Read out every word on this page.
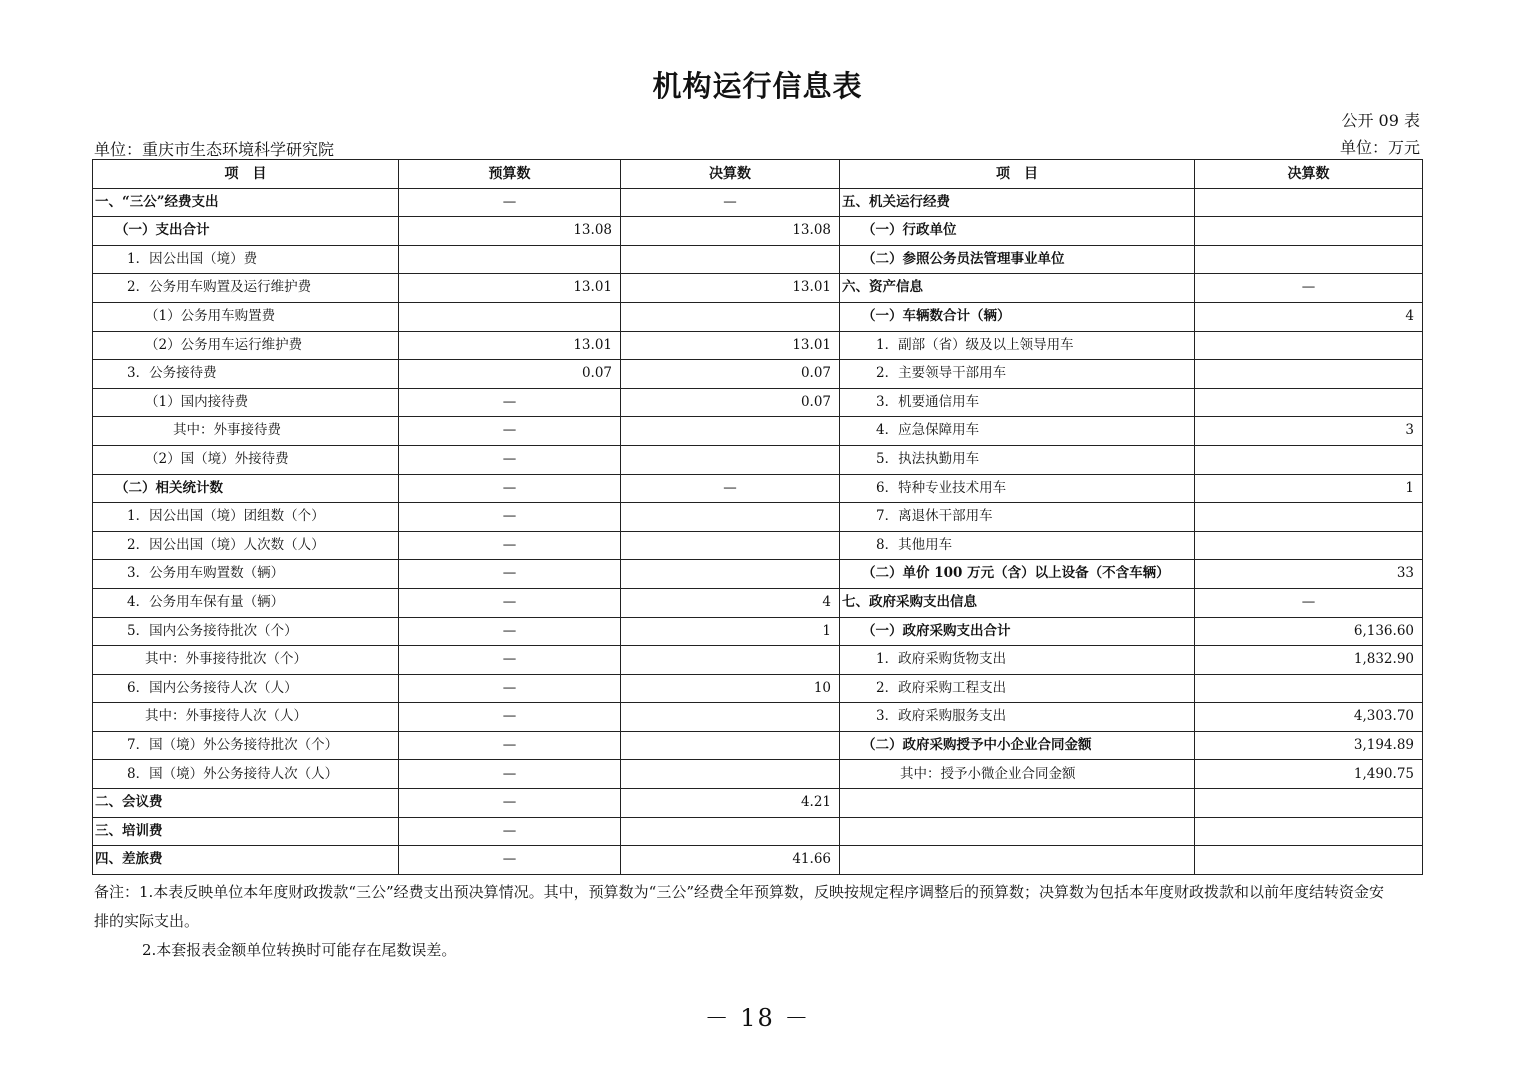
机构运行信息表
公开 09 表
单位：重庆市生态环境科学研究院	单位：万元
项　目	预算数	决算数	项　目	决算数
一、“三公”经费支出	—	—	五、机关运行经费	
（一）支出合计	13.08	13.08	（一）行政单位	
1．因公出国（境）费			（二）参照公务员法管理事业单位	
2．公务用车购置及运行维护费	13.01	13.01	六、资产信息	—
（1）公务用车购置费			（一）车辆数合计（辆）	4
（2）公务用车运行维护费	13.01	13.01	1．副部（省）级及以上领导用车	
3．公务接待费	0.07	0.07	2．主要领导干部用车	
（1）国内接待费	—	0.07	3．机要通信用车	
其中：外事接待费	—		4．应急保障用车	3
（2）国（境）外接待费	—		5．执法执勤用车	
（二）相关统计数	—	—	6．特种专业技术用车	1
1．因公出国（境）团组数（个）	—		7．离退休干部用车	
2．因公出国（境）人次数（人）	—		8．其他用车	
3．公务用车购置数（辆）	—		（二）单价 100 万元（含）以上设备（不含车辆）	33
4．公务用车保有量（辆）	—	4	七、政府采购支出信息	—
5．国内公务接待批次（个）	—	1	（一）政府采购支出合计	6,136.60
其中：外事接待批次（个）	—		1．政府采购货物支出	1,832.90
6．国内公务接待人次（人）	—	10	2．政府采购工程支出	
其中：外事接待人次（人）	—		3．政府采购服务支出	4,303.70
7．国（境）外公务接待批次（个）	—		（二）政府采购授予中小企业合同金额	3,194.89
8．国（境）外公务接待人次（人）	—		其中：授予小微企业合同金额	1,490.75
二、会议费	—	4.21		
三、培训费	—			
四、差旅费	—	41.66		
备注：1.本表反映单位本年度财政拨款“三公”经费支出预决算情况。其中，预算数为“三公”经费全年预算数，反映按规定程序调整后的预算数；决算数为包括本年度财政拨款和以前年度结转资金安排的实际支出。
2.本套报表金额单位转换时可能存在尾数误差。
－ 18 －
